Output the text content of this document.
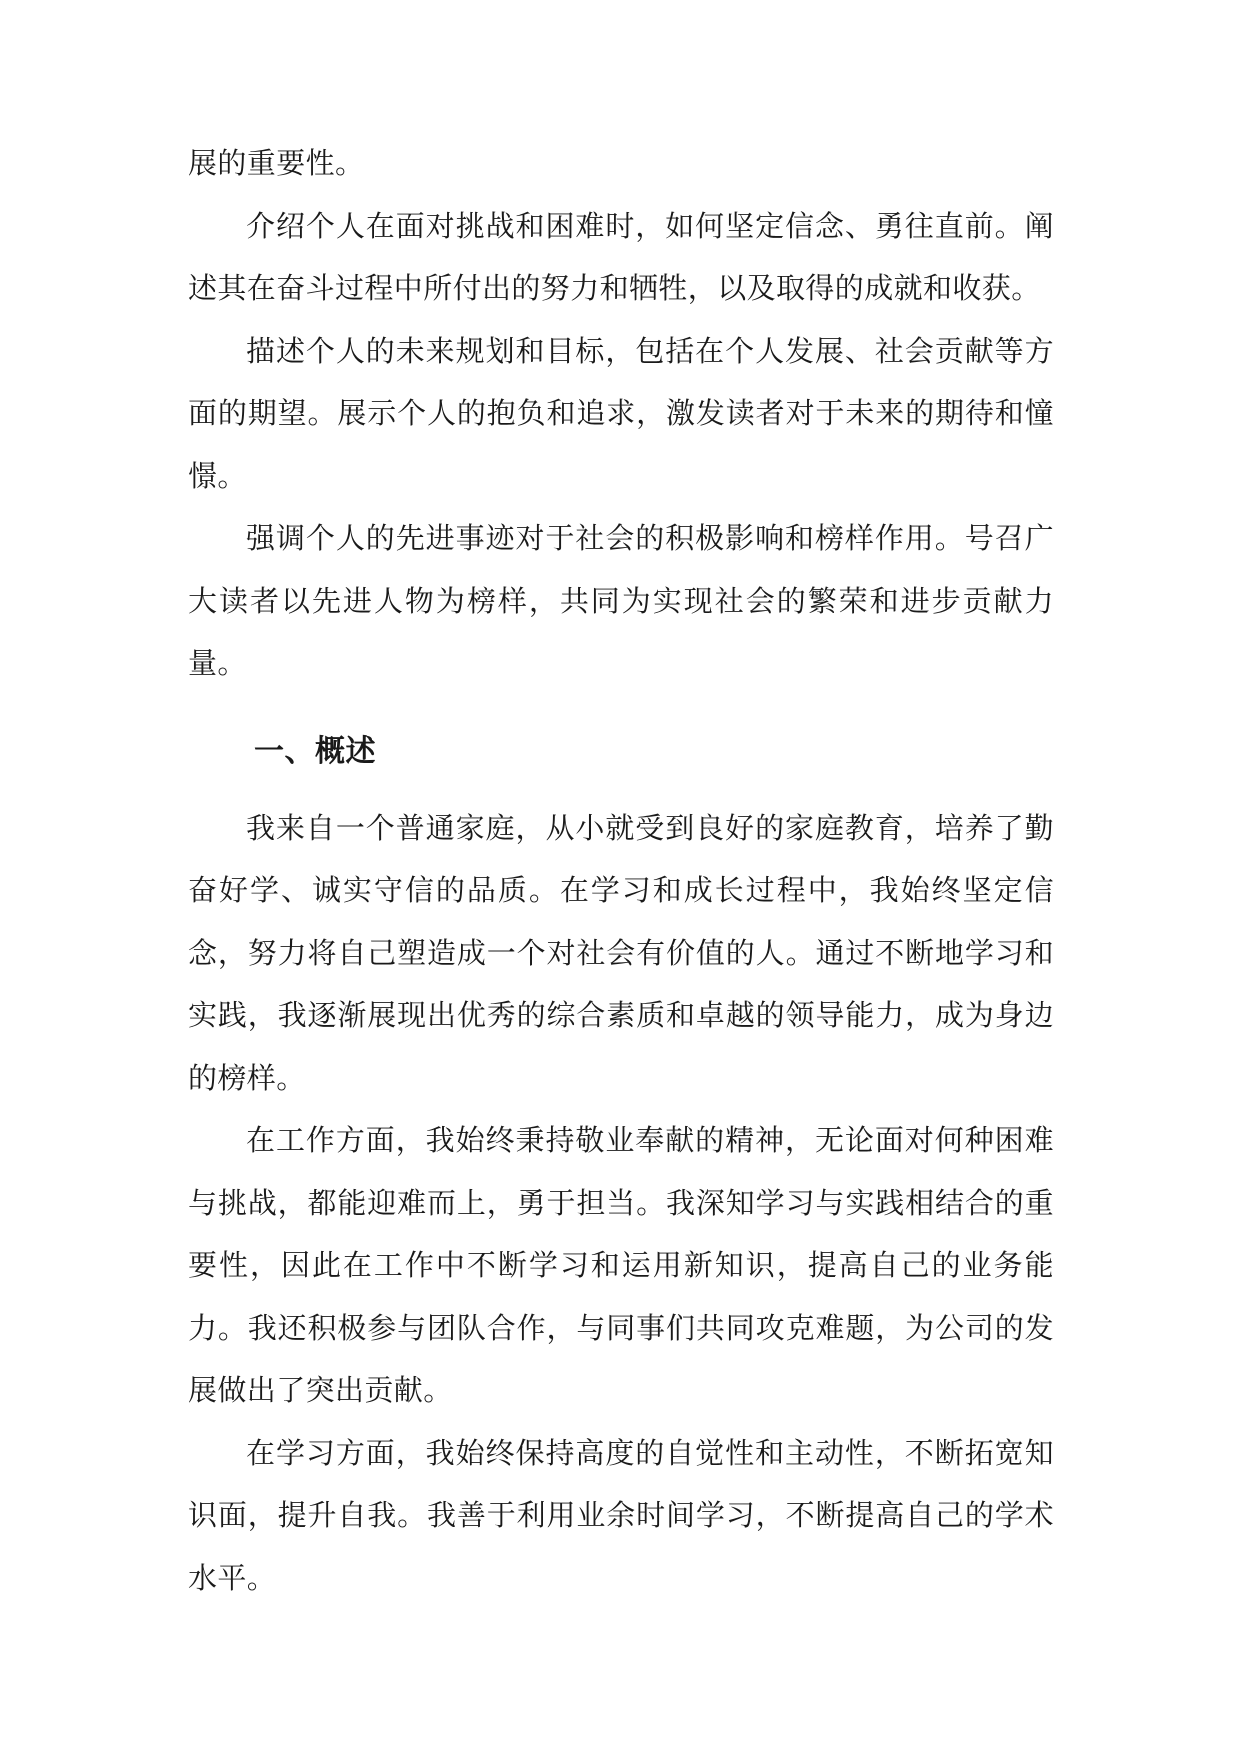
展的重要性。

介绍个人在面对挑战和困难时，如何坚定信念、勇往直前。阐述其在奋斗过程中所付出的努力和牺牲，以及取得的成就和收获。

描述个人的未来规划和目标，包括在个人发展、社会贡献等方面的期望。展示个人的抱负和追求，激发读者对于未来的期待和憧憬。

强调个人的先进事迹对于社会的积极影响和榜样作用。号召广大读者以先进人物为榜样，共同为实现社会的繁荣和进步贡献力量。

一、概述

我来自一个普通家庭，从小就受到良好的家庭教育，培养了勤奋好学、诚实守信的品质。在学习和成长过程中，我始终坚定信念，努力将自己塑造成一个对社会有价值的人。通过不断地学习和实践，我逐渐展现出优秀的综合素质和卓越的领导能力，成为身边的榜样。

在工作方面，我始终秉持敬业奉献的精神，无论面对何种困难与挑战，都能迎难而上，勇于担当。我深知学习与实践相结合的重要性，因此在工作中不断学习和运用新知识，提高自己的业务能力。我还积极参与团队合作，与同事们共同攻克难题，为公司的发展做出了突出贡献。

在学习方面，我始终保持高度的自觉性和主动性，不断拓宽知识面，提升自我。我善于利用业余时间学习，不断提高自己的学术水平。
